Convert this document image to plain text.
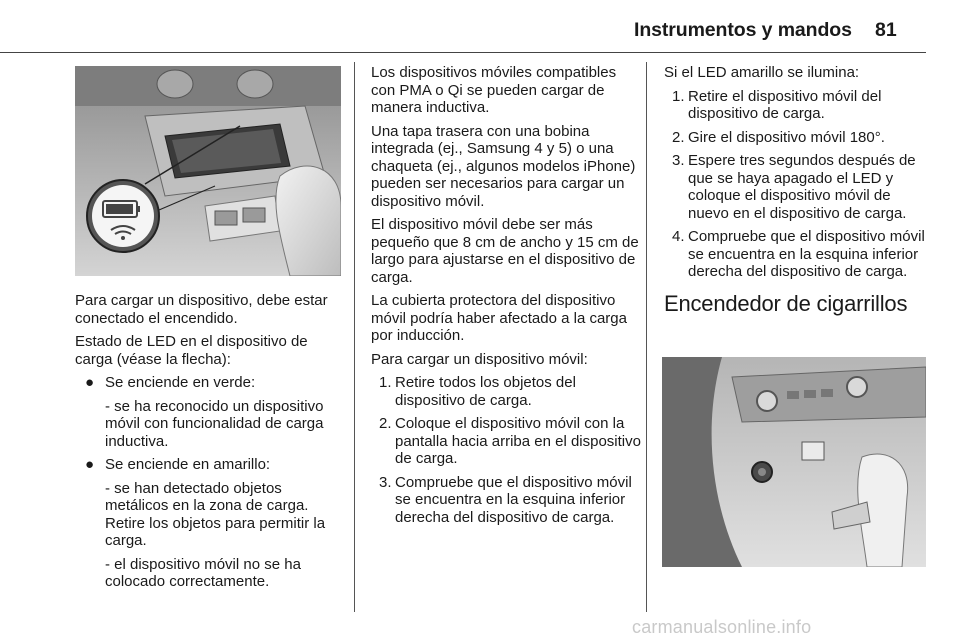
Instrumentos y mandos 81

Para cargar un dispositivo, debe estar conectado el encendido.

Estado de LED en el dispositivo de carga (véase la flecha):

● Se enciende en verde:

- se ha reconocido un dispositivo móvil con funcionalidad de carga inductiva.

● Se enciende en amarillo:

- se han detectado objetos metálicos en la zona de carga. Retire los objetos para permitir la carga.

- el dispositivo móvil no se ha colocado correctamente.

Los dispositivos móviles compatibles con PMA o Qi se pueden cargar de manera inductiva.

Una tapa trasera con una bobina integrada (ej., Samsung 4 y 5) o una chaqueta (ej., algunos modelos iPhone) pueden ser necesarios para cargar un dispositivo móvil.

El dispositivo móvil debe ser más pequeño que 8 cm de ancho y 15 cm de largo para ajustarse en el dispositivo de carga.

La cubierta protectora del dispositivo móvil podría haber afectado a la carga por inducción.

Para cargar un dispositivo móvil:

1. Retire todos los objetos del dispositivo de carga.

2. Coloque el dispositivo móvil con la pantalla hacia arriba en el dispositivo de carga.

3. Compruebe que el dispositivo móvil se encuentra en la esquina inferior derecha del dispositivo de carga.

Si el LED amarillo se ilumina:

1. Retire el dispositivo móvil del dispositivo de carga.

2. Gire el dispositivo móvil 180°.

3. Espere tres segundos después de que se haya apagado el LED y coloque el dispositivo móvil de nuevo en el dispositivo de carga.

4. Compruebe que el dispositivo móvil se encuentra en la esquina inferior derecha del dispositivo de carga.

Encendedor de cigarrillos

carmanualsonline.info
